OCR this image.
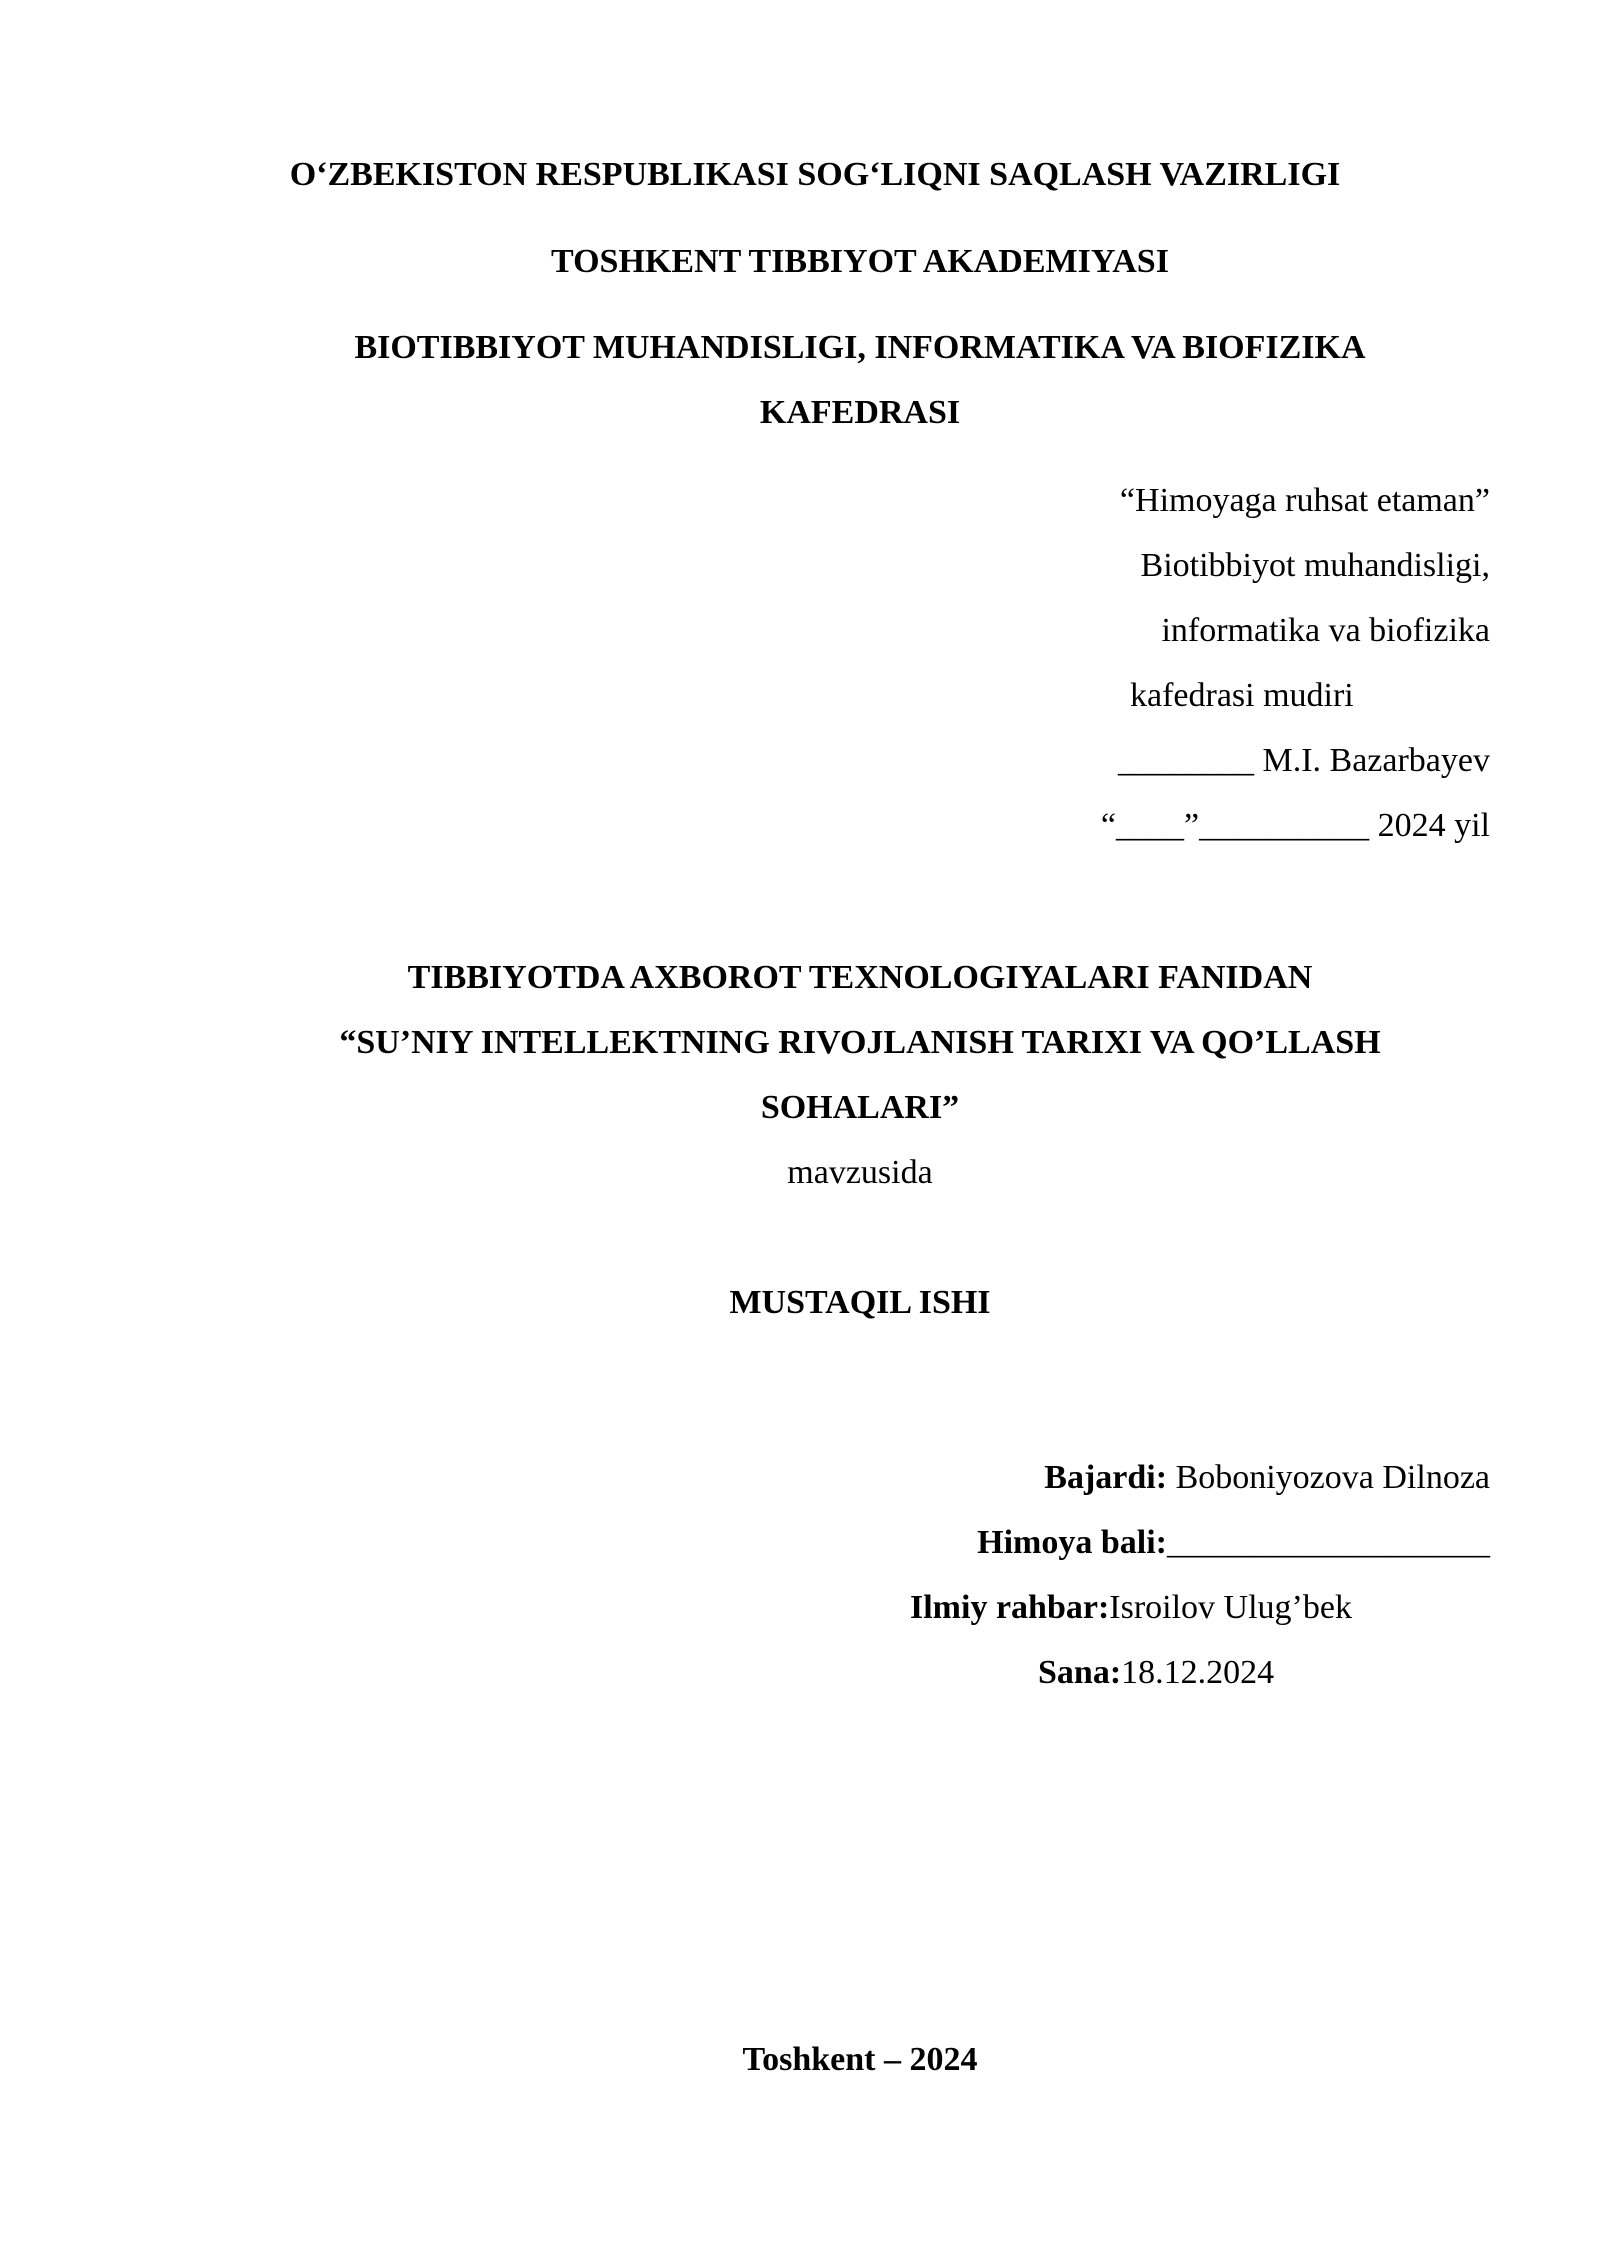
O‘ZBEKISTON RESPUBLIKASI SOG‘LIQNI SAQLASH VAZIRLIGI
TOSHKENT TIBBIYOT AKADEMIYASI
BIOTIBBIYOT MUHANDISLIGI, INFORMATIKA VA BIOFIZIKA
KAFEDRASI
“Himoyaga ruhsat etaman”
Biotibbiyot muhandisligi,
informatika va biofizika
kafedrasi mudiri
________ M.I. Bazarbayev
“____”__________ 2024 yil
TIBBIYOTDA AXBOROT TEXNOLOGIYALARI FANIDAN
“SU’NIY INTELLEKTNING RIVOJLANISH TARIXI VA QO’LLASH
SOHALARI”
mavzusida
MUSTAQIL ISHI
Bajardi: Boboniyozova Dilnoza
Himoya bali:___________________
Ilmiy rahbar:Isroilov Ulug’bek
Sana:18.12.2024
Toshkent – 2024
